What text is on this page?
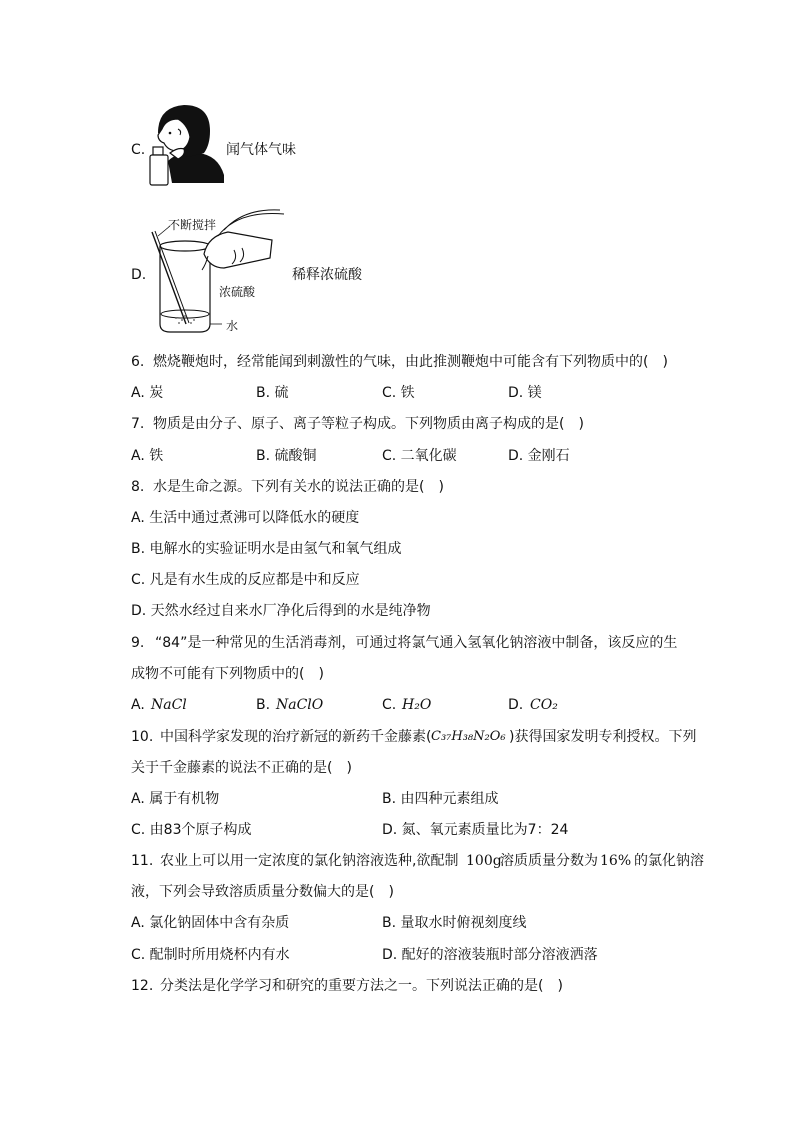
C.	闻气体气味
D.
不断搅拌
浓硫酸
水
稀释浓硫酸
6. 燃烧鞭炮时，经常能闻到刺激性的气味，由此推测鞭炮中可能含有下列物质中的(　)
A. 炭	B. 硫	C. 铁	D. 镁
7. 物质是由分子、原子、离子等粒子构成。下列物质由离子构成的是(　)
A. 铁	B. 硫酸铜	C. 二氧化碳	D. 金刚石
8. 水是生命之源。下列有关水的说法正确的是(　)
A. 生活中通过煮沸可以降低水的硬度
B. 电解水的实验证明水是由氢气和氧气组成
C. 凡是有水生成的反应都是中和反应
D. 天然水经过自来水厂净化后得到的水是纯净物
9. “84”是一种常见的生活消毒剂，可通过将氯气通入氢氧化钠溶液中制备，该反应的生
成物不可能有下列物质中的(　)
A. NaCl	B. NaClO	C. H₂O	D. CO₂
10. 中国科学家发现的治疗新冠的新药千金藤素( C₃₇H₃₈N₂O₆ )获得国家发明专利授权。下列
关于千金藤素的说法不正确的是(　)
A. 属于有机物	B. 由四种元素组成
C. 由83个原子构成	D. 氮、氧元素质量比为7：24
11. 农业上可以用一定浓度的氯化钠溶液选种,欲配制 100g
溶质质量分数为 16% 的氯化钠溶
液，下列会导致溶质质量分数偏大的是(　)
A. 氯化钠固体中含有杂质	B. 量取水时俯视刻度线
C. 配制时所用烧杯内有水	D. 配好的溶液装瓶时部分溶液洒落
12. 分类法是化学学习和研究的重要方法之一。下列说法正确的是(　)
